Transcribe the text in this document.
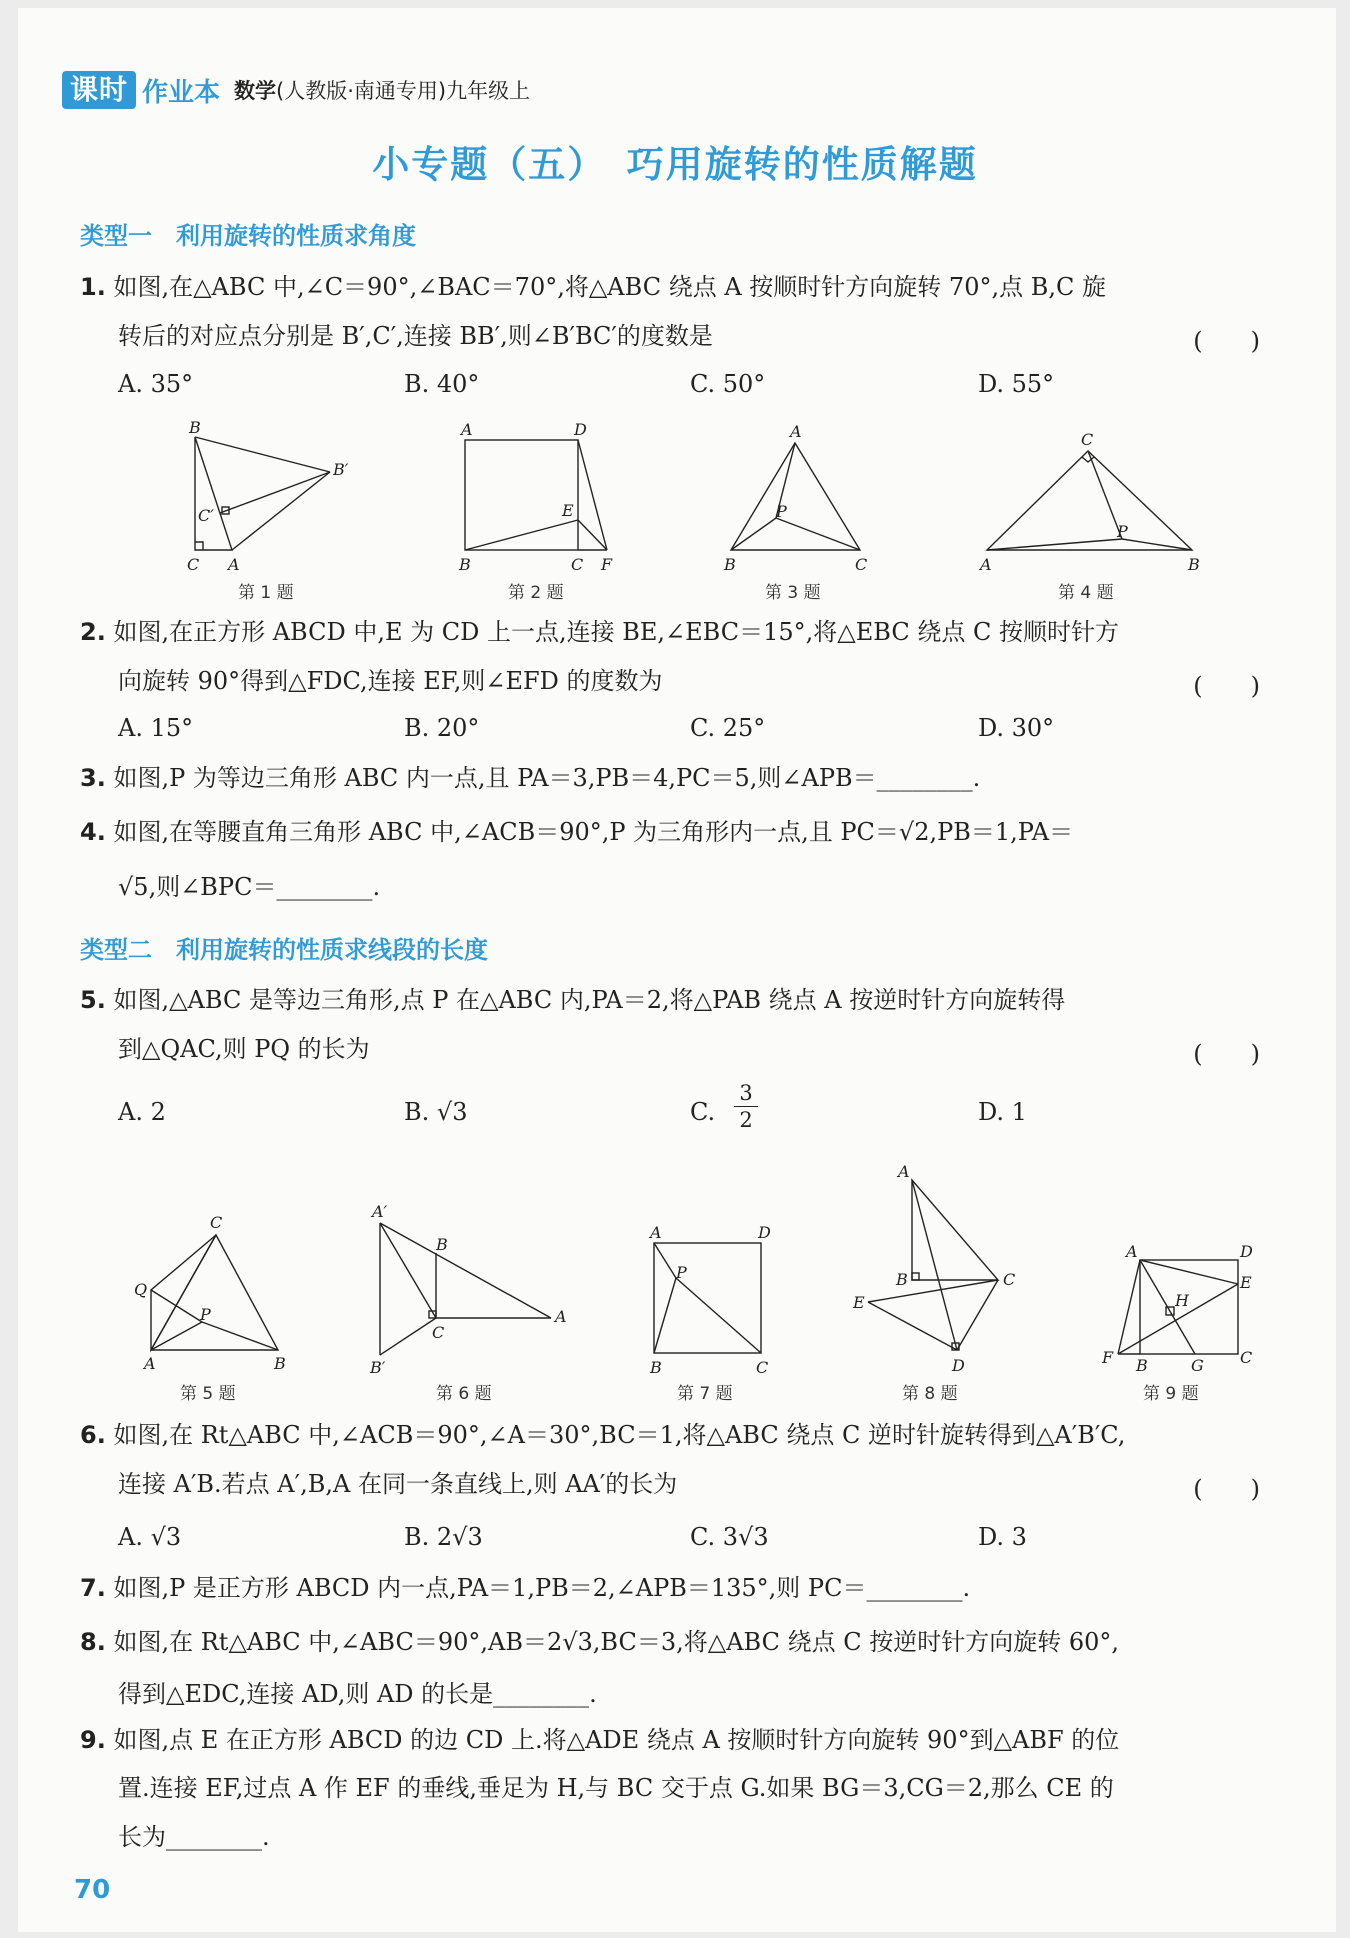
课时 作业本 数学(人教版·南通专用)九年级上
小专题（五）　巧用旋转的性质解题
类型一　利用旋转的性质求角度
1. 如图,在△ABC 中,∠C＝90°,∠BAC＝70°,将△ABC 绕点 A 按顺时针方向旋转 70°,点 B,C 旋
转后的对应点分别是 B′,C′,连接 BB′,则∠B′BC′的度数是	(　　)
A. 35°	B. 40°	C. 50°	D. 55°
B
B′
C′
C A
A	D
E
B	C F
A
P
B	C
C
P
A	B
第 1 题	第 2 题	第 3 题	第 4 题
2. 如图,在正方形 ABCD 中,E 为 CD 上一点,连接 BE,∠EBC＝15°,将△EBC 绕点 C 按顺时针方
向旋转 90°得到△FDC,连接 EF,则∠EFD 的度数为	(　　)
A. 15°	B. 20°	C. 25°	D. 30°
3. 如图,P 为等边三角形 ABC 内一点,且 PA＝3,PB＝4,PC＝5,则∠APB＝________.
4. 如图,在等腰直角三角形 ABC 中,∠ACB＝90°,P 为三角形内一点,且 PC＝√2,PB＝1,PA＝
√5,则∠BPC＝________.
类型二　利用旋转的性质求线段的长度
5. 如图,△ABC 是等边三角形,点 P 在△ABC 内,PA＝2,将△PAB 绕点 A 按逆时针方向旋转得
到△QAC,则 PQ 的长为	(　　)
A. 2	B. √3	C. $\frac{3}{2}$	D. 1
C
Q
P
A	B
A′
B
A
C
B′
A	D
P
B	C
A
B	C
E
D
A	D
E
H
F B	G C
第 5 题	第 6 题	第 7 题	第 8 题	第 9 题
6. 如图,在 Rt△ABC 中,∠ACB＝90°,∠A＝30°,BC＝1,将△ABC 绕点 C 逆时针旋转得到△A′B′C,
连接 A′B.若点 A′,B,A 在同一条直线上,则 AA′的长为	(　　)
A. √3	B. 2√3	C. 3√3	D. 3
7. 如图,P 是正方形 ABCD 内一点,PA＝1,PB＝2,∠APB＝135°,则 PC＝________.
8. 如图,在 Rt△ABC 中,∠ABC＝90°,AB＝2√3,BC＝3,将△ABC 绕点 C 按逆时针方向旋转 60°,
得到△EDC,连接 AD,则 AD 的长是________.
9. 如图,点 E 在正方形 ABCD 的边 CD 上.将△ADE 绕点 A 按顺时针方向旋转 90°到△ABF 的位
置.连接 EF,过点 A 作 EF 的垂线,垂足为 H,与 BC 交于点 G.如果 BG＝3,CG＝2,那么 CE 的
长为________.
70
